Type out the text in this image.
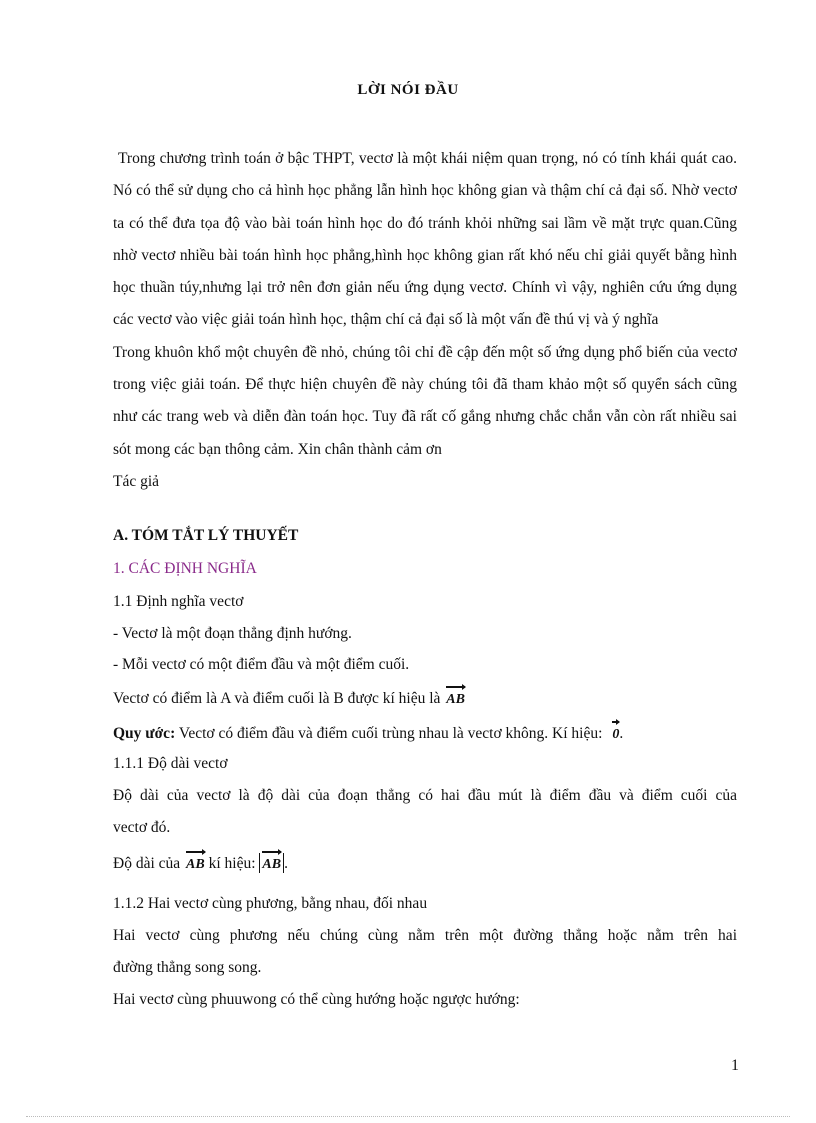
LỜI NÓI ĐẦU

Trong chương trình toán ở bậc THPT, vectơ là một khái niệm quan trọng, nó có tính khái quát cao. Nó có thể sử dụng cho cả hình học phẳng lẫn hình học không gian và thậm chí cả đại số. Nhờ vectơ ta có thể đưa tọa độ vào bài toán hình học do đó tránh khỏi những sai lầm về mặt trực quan.Cũng nhờ vectơ nhiều bài toán hình học phẳng,hình học không gian rất khó nếu chỉ giải quyết bằng hình học thuần túy,nhưng lại trở nên đơn giản nếu ứng dụng vectơ. Chính vì vậy, nghiên cứu ứng dụng các vectơ vào việc giải toán hình học, thậm chí cả đại số là một vấn đề thú vị và ý nghĩa

Trong khuôn khổ một chuyên đề nhỏ, chúng tôi chỉ đề cập đến một số ứng dụng phổ biến của vectơ trong việc giải toán. Để thực hiện chuyên đề này chúng tôi đã tham khảo một số quyển sách cũng như các trang web và diễn đàn toán học. Tuy đã rất cố gắng nhưng chắc chắn vẫn còn rất nhiều sai sót mong các bạn thông cảm. Xin chân thành cảm ơn

Tác giả

A. TÓM TẮT LÝ THUYẾT
1. CÁC ĐỊNH NGHĨA
1.1 Định nghĩa vectơ
- Vectơ là một đoạn thẳng định hướng.
- Mỗi vectơ có một điểm đầu và một điểm cuối.
Vectơ có điểm là A và điểm cuối là B được kí hiệu là AB
Quy ước: Vectơ có điểm đầu và điểm cuối trùng nhau là vectơ không. Kí hiệu: 0.
1.1.1 Độ dài vectơ
Độ dài của vectơ là độ dài của đoạn thẳng có hai đầu mút là điểm đầu và điểm cuối của
vectơ đó.
Độ dài của AB kí hiệu: AB .
1.1.2 Hai vectơ cùng phương, bằng nhau, đối nhau
Hai vectơ cùng phương nếu chúng cùng nằm trên một đường thẳng hoặc nằm trên hai
đường thẳng song song.
Hai vectơ cùng phuuwong có thể cùng hướng hoặc ngược hướng:
1
